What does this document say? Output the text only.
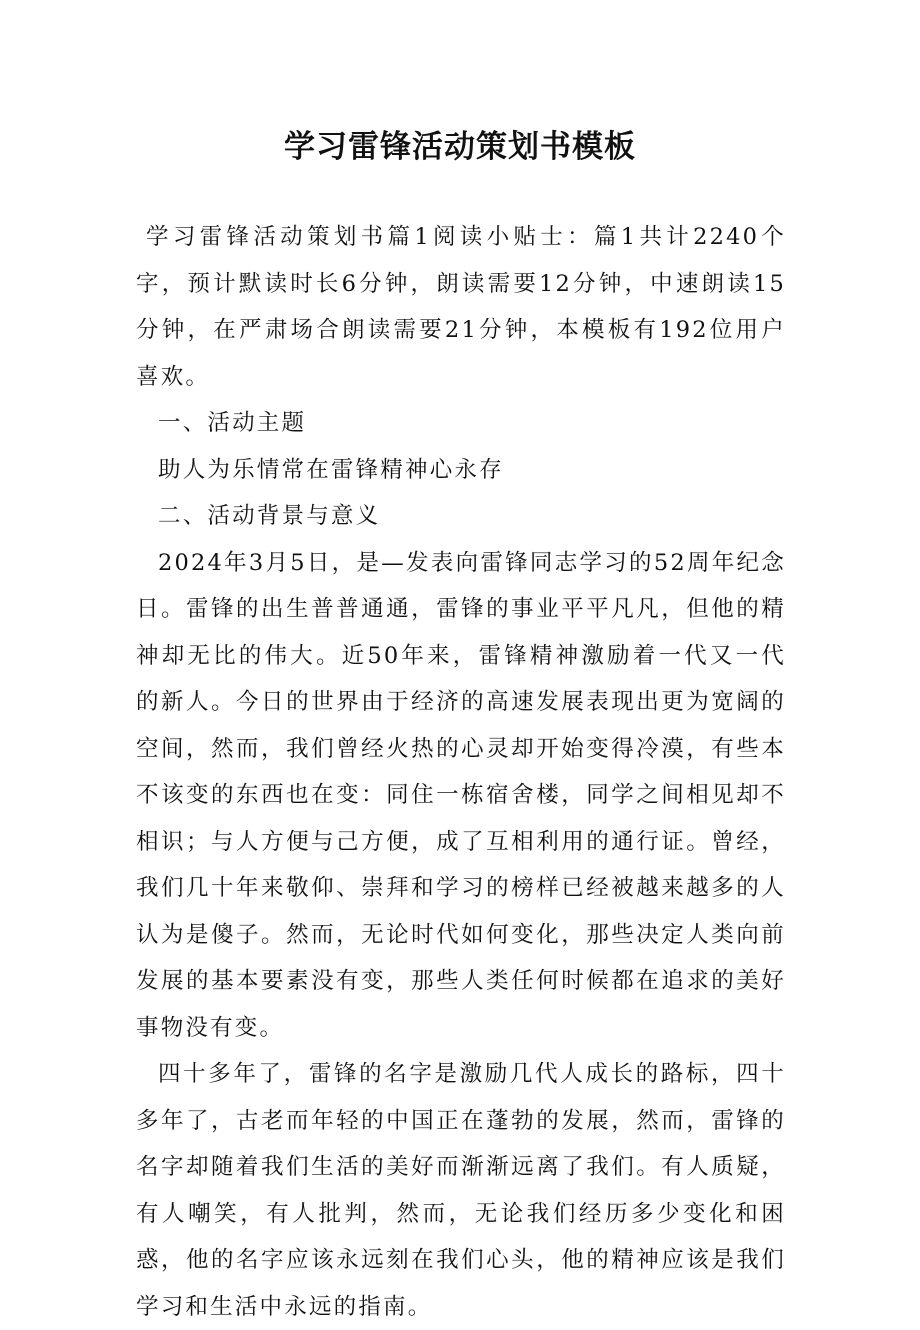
学习雷锋活动策划书模板

学习雷锋活动策划书篇1阅读小贴士：篇1共计2240个字，预计默读时长6分钟，朗读需要12分钟，中速朗读15分钟，在严肃场合朗读需要21分钟，本模板有192位用户喜欢。

一、活动主题

助人为乐情常在雷锋精神心永存

二、活动背景与意义

2024年3月5日，是—发表向雷锋同志学习的52周年纪念日。雷锋的出生普普通通，雷锋的事业平平凡凡，但他的精神却无比的伟大。近50年来，雷锋精神激励着一代又一代的新人。今日的世界由于经济的高速发展表现出更为宽阔的空间，然而，我们曾经火热的心灵却开始变得冷漠，有些本不该变的东西也在变：同住一栋宿舍楼，同学之间相见却不相识；与人方便与己方便，成了互相利用的通行证。曾经，我们几十年来敬仰、崇拜和学习的榜样已经被越来越多的人认为是傻子。然而，无论时代如何变化，那些决定人类向前发展的基本要素没有变，那些人类任何时候都在追求的美好事物没有变。

四十多年了，雷锋的名字是激励几代人成长的路标，四十多年了，古老而年轻的中国正在蓬勃的发展，然而，雷锋的名字却随着我们生活的美好而渐渐远离了我们。有人质疑，有人嘲笑，有人批判，然而，无论我们经历多少变化和困惑，他的名字应该永远刻在我们心头，他的精神应该是我们学习和生活中永远的指南。
